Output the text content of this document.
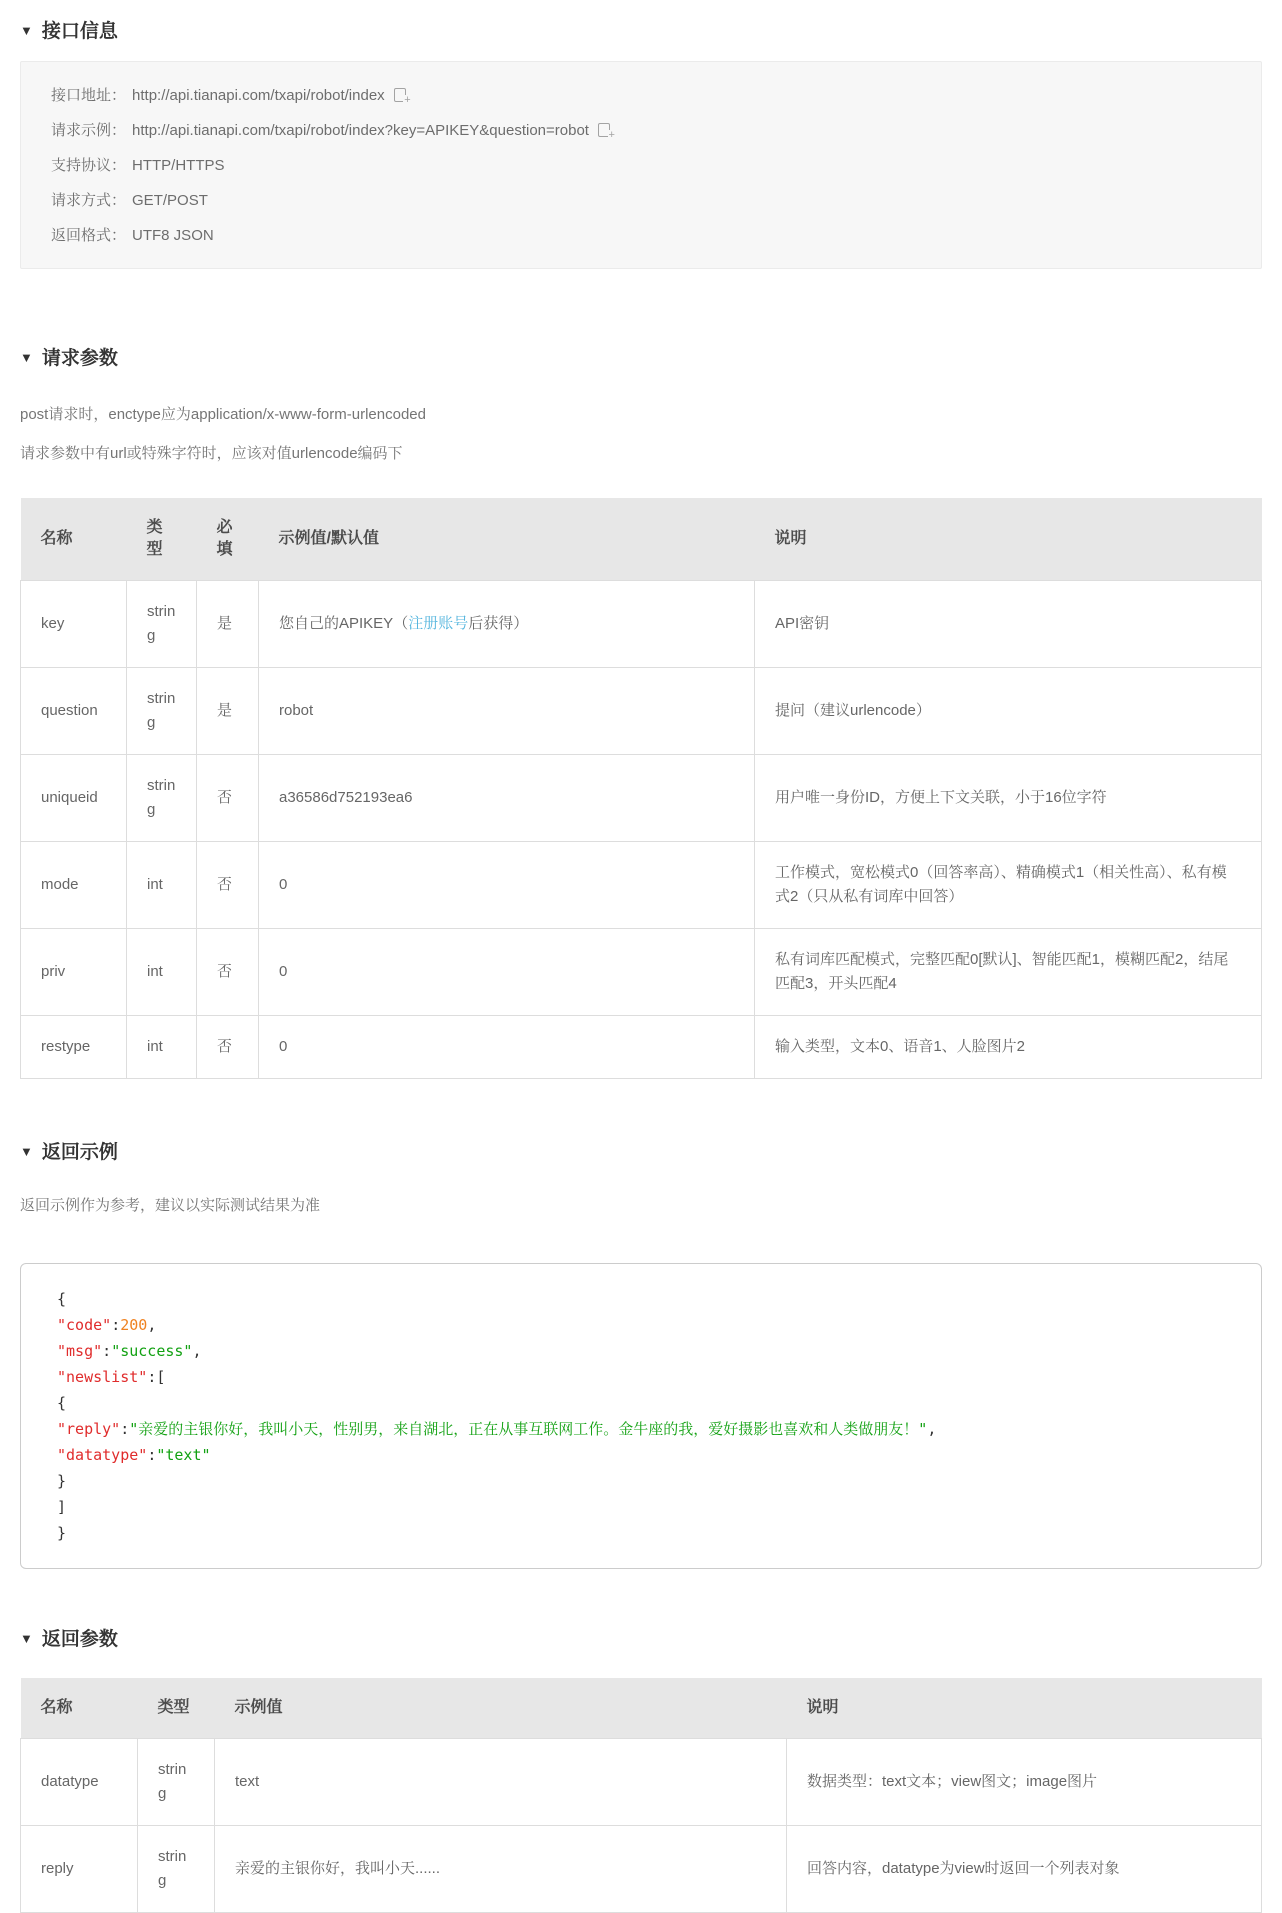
▼ 接口信息
接口地址： http://api.tianapi.com/txapi/robot/index+
请求示例： http://api.tianapi.com/txapi/robot/index?key=APIKEY&question=robot+
支持协议： HTTP/HTTPS
请求方式： GET/POST
返回格式： UTF8 JSON
▼ 请求参数

post请求时，enctype应为application/x-www-form-urlencoded

请求参数中有url或特殊字符时，应该对值urlencode编码下

名称	类型	必填	示例值/默认值	说明
key	string	是	您自己的APIKEY（注册账号后获得）	API密钥
question	string	是	robot	提问（建议urlencode）
uniqueid	string	否	a36586d752193ea6	用户唯一身份ID，方便上下文关联，小于16位字符
mode	int	否	0	工作模式，宽松模式0（回答率高）、精确模式1（相关性高）、私有模式2（只从私有词库中回答）
priv	int	否	0	私有词库匹配模式，完整匹配0[默认]、智能匹配1，模糊匹配2，结尾匹配3，开头匹配4
restype	int	否	0	输入类型，文本0、语音1、人脸图片2
▼ 返回示例

返回示例作为参考，建议以实际测试结果为准

{
"code":200,
"msg":"success",
"newslist":[
{
"reply":"亲爱的主银你好，我叫小天，性别男，来自湖北，正在从事互联网工作。金牛座的我，爱好摄影也喜欢和人类做朋友！",
"datatype":"text"
}
]
}
▼ 返回参数
名称	类型	示例值	说明
datatype	string	text	数据类型：text文本；view图文；image图片
reply	string	亲爱的主银你好，我叫小天......	回答内容，datatype为view时返回一个列表对象
